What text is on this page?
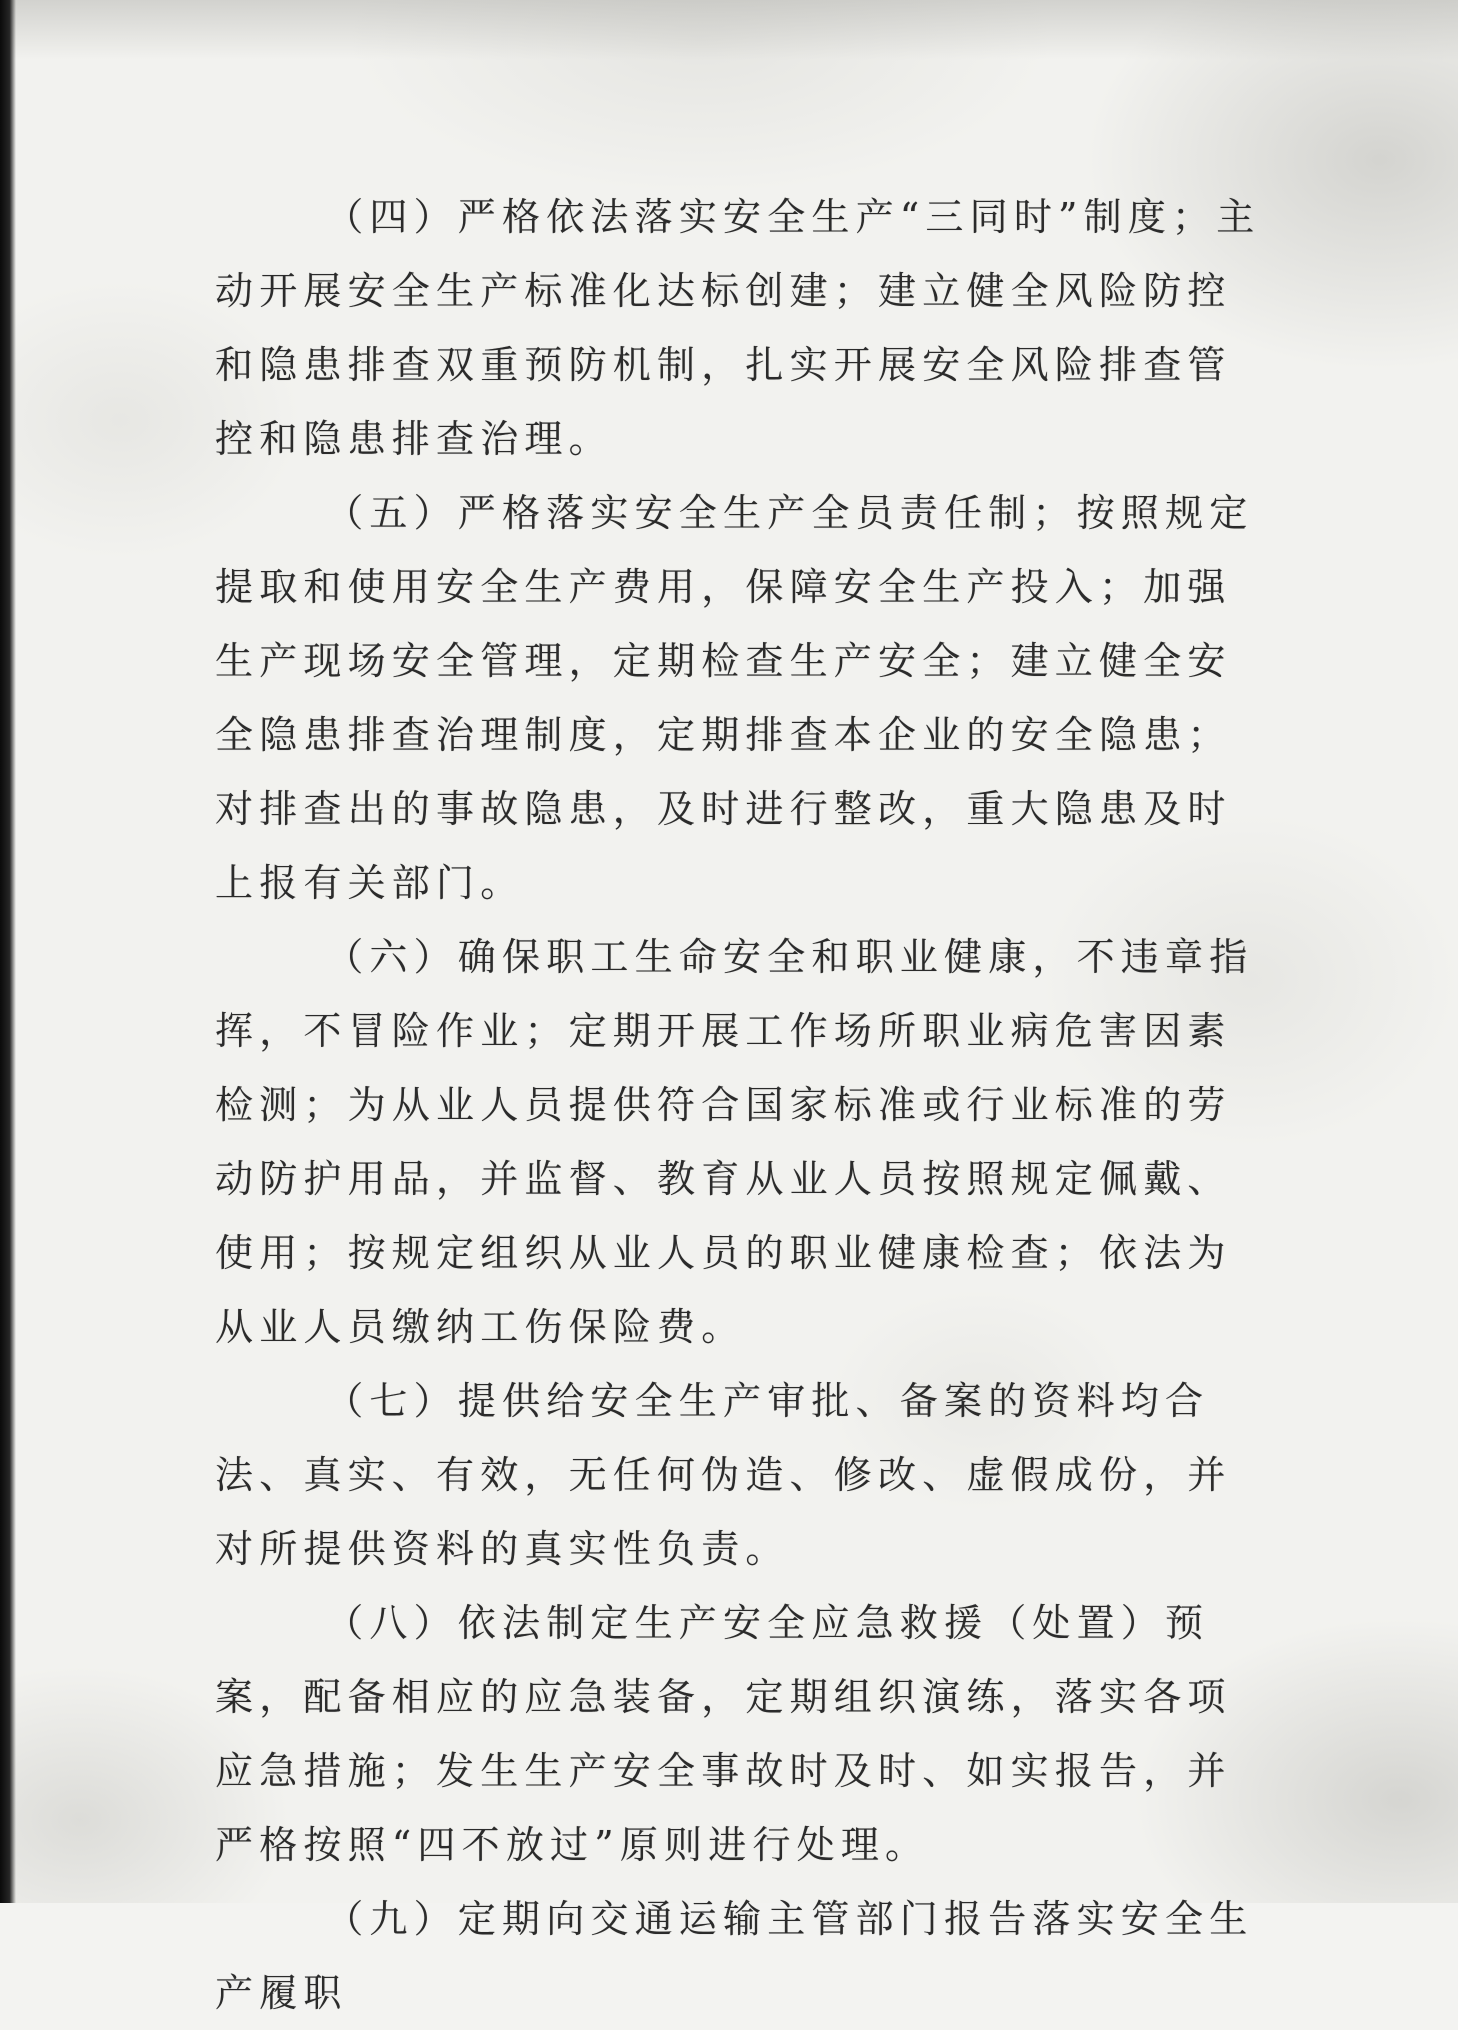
（四）严格依法落实安全生产“三同时”制度；主动开展安全生产标准化达标创建；建立健全风险防控和隐患排查双重预防机制，扎实开展安全风险排查管控和隐患排查治理。

（五）严格落实安全生产全员责任制；按照规定提取和使用安全生产费用，保障安全生产投入；加强生产现场安全管理，定期检查生产安全；建立健全安全隐患排查治理制度，定期排查本企业的安全隐患；对排查出的事故隐患，及时进行整改，重大隐患及时上报有关部门。

（六）确保职工生命安全和职业健康，不违章指挥，不冒险作业；定期开展工作场所职业病危害因素检测；为从业人员提供符合国家标准或行业标准的劳动防护用品，并监督、教育从业人员按照规定佩戴、使用；按规定组织从业人员的职业健康检查；依法为从业人员缴纳工伤保险费。

（七）提供给安全生产审批、备案的资料均合法、真实、有效，无任何伪造、修改、虚假成份，并对所提供资料的真实性负责。

（八）依法制定生产安全应急救援（处置）预案，配备相应的应急装备，定期组织演练，落实各项应急措施；发生生产安全事故时及时、如实报告，并严格按照“四不放过”原则进行处理。

（九）定期向交通运输主管部门报告落实安全生产履职
